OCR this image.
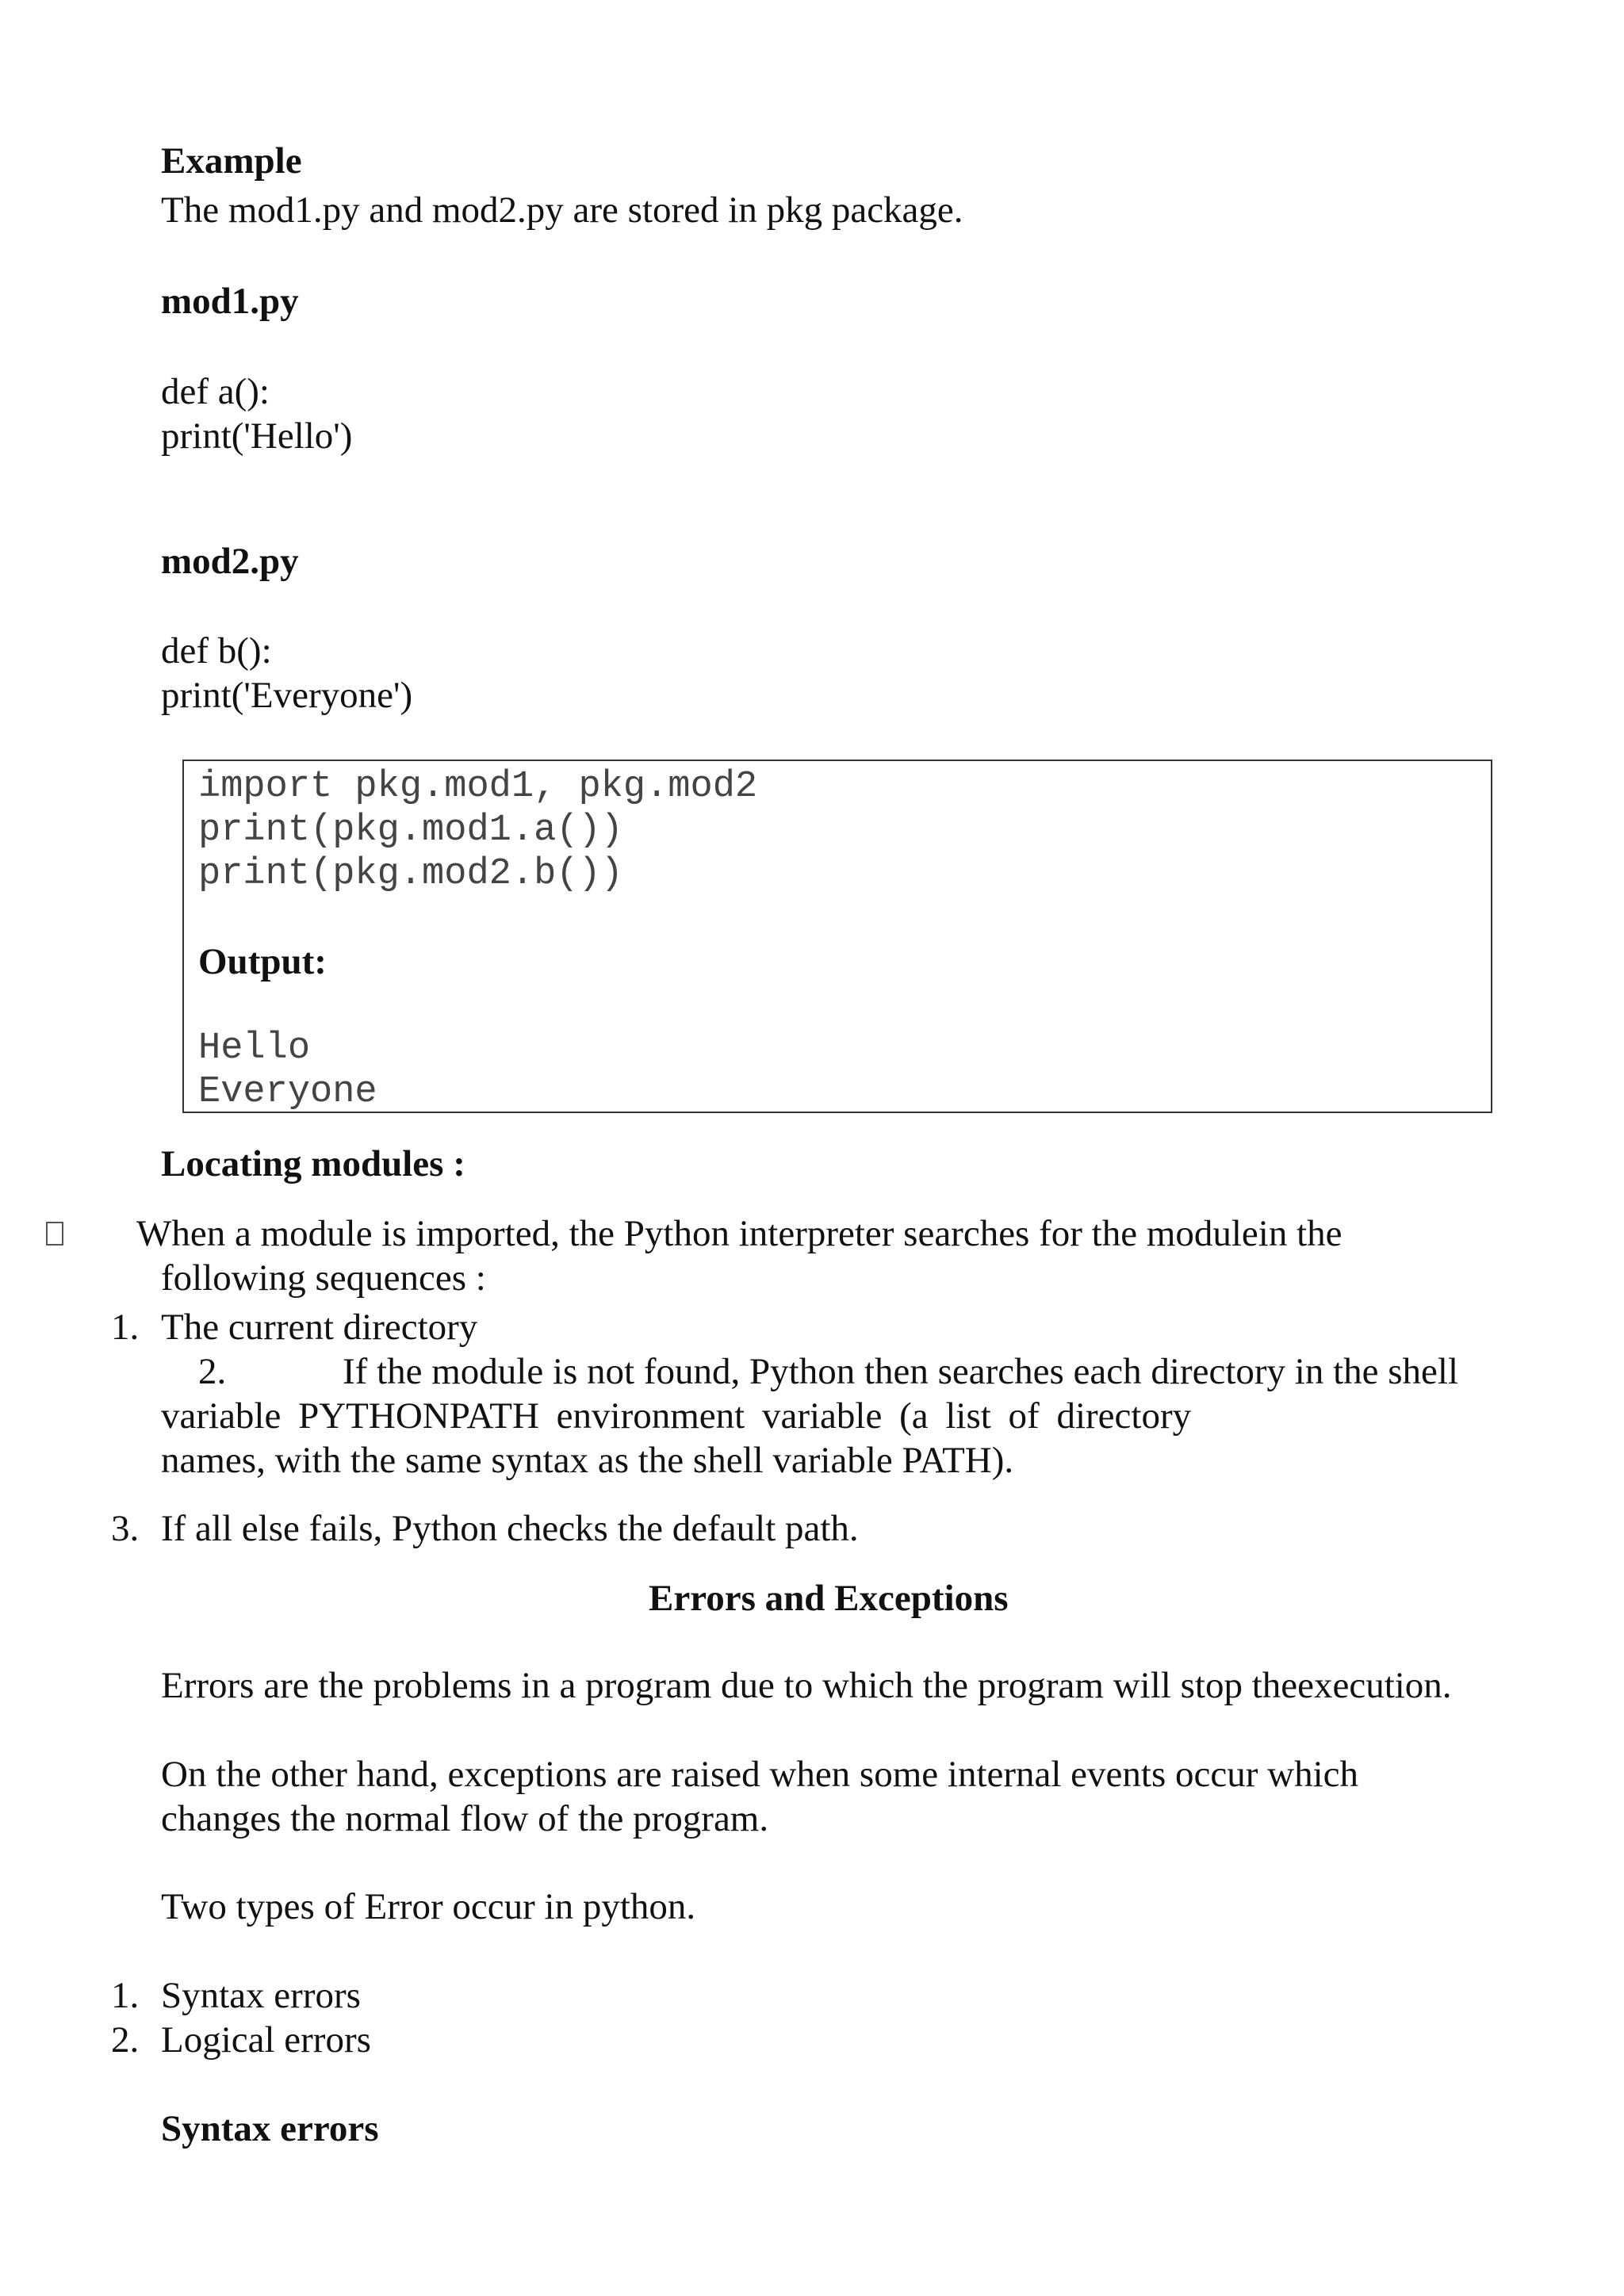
Example

The mod1.py and mod2.py are stored in pkg package.

mod1.py

def a():

print('Hello')

mod2.py

def b():

print('Everyone')

import pkg.mod1, pkg.mod2

print(pkg.mod1.a())

print(pkg.mod2.b())

Output:

Hello

Everyone

Locating modules :

When a module is imported, the Python interpreter searches for the modulein the

following sequences :

1. The current directory

2.	If the module is not found, Python then searches each directory in the shell

variable PYTHONPATH environment variable (a list of directory

names, with the same syntax as the shell variable PATH).

3. If all else fails, Python checks the default path.

Errors and Exceptions

Errors are the problems in a program due to which the program will stop theexecution.

On the other hand, exceptions are raised when some internal events occur which

changes the normal flow of the program.

Two types of Error occur in python.

1. Syntax errors

2. Logical errors

Syntax errors
